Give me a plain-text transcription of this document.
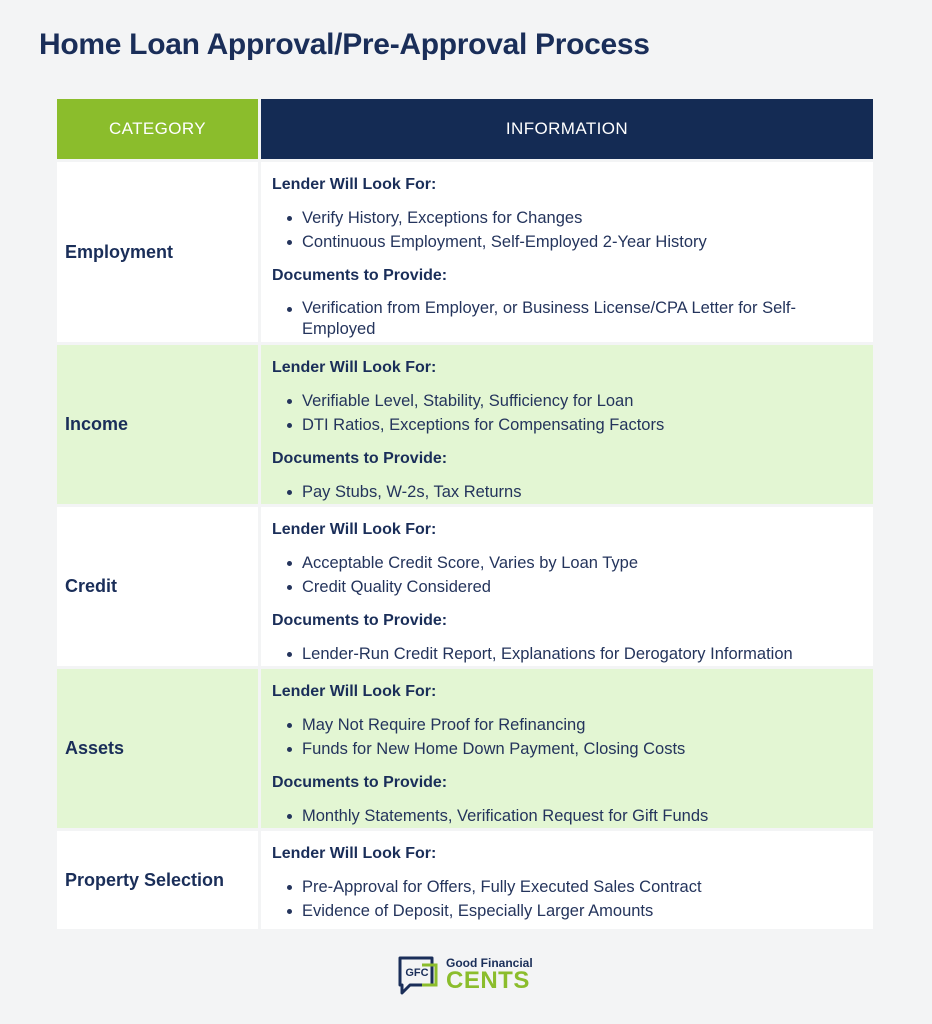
Home Loan Approval/Pre-Approval Process
CATEGORY	INFORMATION
Employment
Lender Will Look For:
Verify History, Exceptions for Changes
Continuous Employment, Self-Employed 2-Year History
Documents to Provide:
Verification from Employer, or Business License/CPA Letter for Self-Employed
Income
Lender Will Look For:
Verifiable Level, Stability, Sufficiency for Loan
DTI Ratios, Exceptions for Compensating Factors
Documents to Provide:
Pay Stubs, W-2s, Tax Returns
Credit
Lender Will Look For:
Acceptable Credit Score, Varies by Loan Type
Credit Quality Considered
Documents to Provide:
Lender-Run Credit Report, Explanations for Derogatory Information
Assets
Lender Will Look For:
May Not Require Proof for Refinancing
Funds for New Home Down Payment, Closing Costs
Documents to Provide:
Monthly Statements, Verification Request for Gift Funds
Property Selection
Lender Will Look For:
Pre-Approval for Offers, Fully Executed Sales Contract
Evidence of Deposit, Especially Larger Amounts
GFC
Good Financial
CENTS
